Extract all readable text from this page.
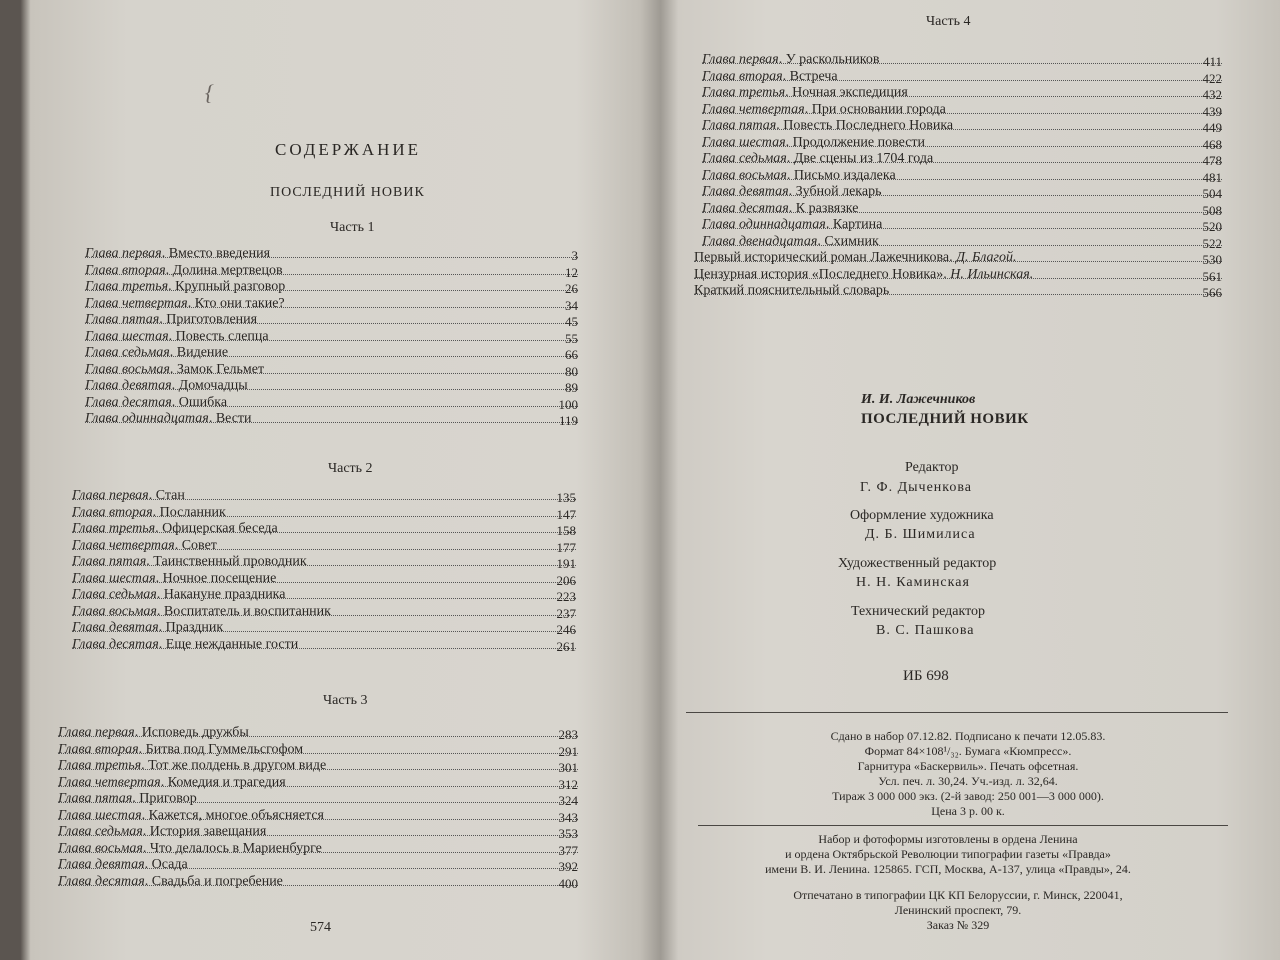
{
СОДЕРЖАНИЕ
ПОСЛЕДНИЙ НОВИК
Часть 1
Глава первая. Вместо введения	3
Глава вторая. Долина мертвецов	12
Глава третья. Крупный разговор	26
Глава четвертая. Кто они такие?	34
Глава пятая. Приготовления	45
Глава шестая. Повесть слепца	55
Глава седьмая. Видение	66
Глава восьмая. Замок Гельмет	80
Глава девятая. Домочадцы	89
Глава десятая. Ошибка	100
Глава одиннадцатая. Вести	119
Часть 2
Глава первая. Стан	135
Глава вторая. Посланник	147
Глава третья. Офицерская беседа	158
Глава четвертая. Совет	177
Глава пятая. Таинственный проводник	191
Глава шестая. Ночное посещение	206
Глава седьмая. Накануне праздника	223
Глава восьмая. Воспитатель и воспитанник	237
Глава девятая. Праздник	246
Глава десятая. Еще нежданные гости	261
Часть 3
Глава первая. Исповедь дружбы	283
Глава вторая. Битва под Гуммельсгофом	291
Глава третья. Тот же полдень в другом виде	301
Глава четвертая. Комедия и трагедия	312
Глава пятая. Приговор	324
Глава шестая. Кажется, многое объясняется	343
Глава седьмая. История завещания	353
Глава восьмая. Что делалось в Мариенбурге	377
Глава девятая. Осада	392
Глава десятая. Свадьба и погребение	400
574
Часть 4
Глава первая. У раскольников	411
Глава вторая. Встреча	422
Глава третья. Ночная экспедиция	432
Глава четвертая. При основании города	439
Глава пятая. Повесть Последнего Новика	449
Глава шестая. Продолжение повести	468
Глава седьмая. Две сцены из 1704 года	478
Глава восьмая. Письмо издалека	481
Глава девятая. Зубной лекарь	504
Глава десятая. К развязке	508
Глава одиннадцатая. Картина	520
Глава двенадцатая. Схимник	522
Первый исторический роман Лажечникова. Д. Благой.	530
Цензурная история «Последнего Новика». Н. Ильинская.	561
Краткий пояснительный словарь	566
И. И. Лажечников
ПОСЛЕДНИЙ НОВИК
Редактор
Г. Ф. Дыченкова
Оформление художника
Д. Б. Шимилиса
Художественный редактор
Н. Н. Каминская
Технический редактор
В. С. Пашкова
ИБ 698
Сдано в набор 07.12.82. Подписано к печати 12.05.83.
Формат 84×108¹/₃₂. Бумага «Кюмпресс».
Гарнитура «Баскервиль». Печать офсетная.
Усл. печ. л. 30,24. Уч.-изд. л. 32,64.
Тираж 3 000 000 экз. (2-й завод: 250 001—3 000 000).
Цена 3 р. 00 к.
Набор и фотоформы изготовлены в ордена Ленина
и ордена Октябрьской Революции типографии газеты «Правда»
имени В. И. Ленина. 125865. ГСП, Москва, А-137, улица «Правды», 24.
Отпечатано в типографии ЦК КП Белоруссии, г. Минск, 220041,
Ленинский проспект, 79.
Заказ № 329
